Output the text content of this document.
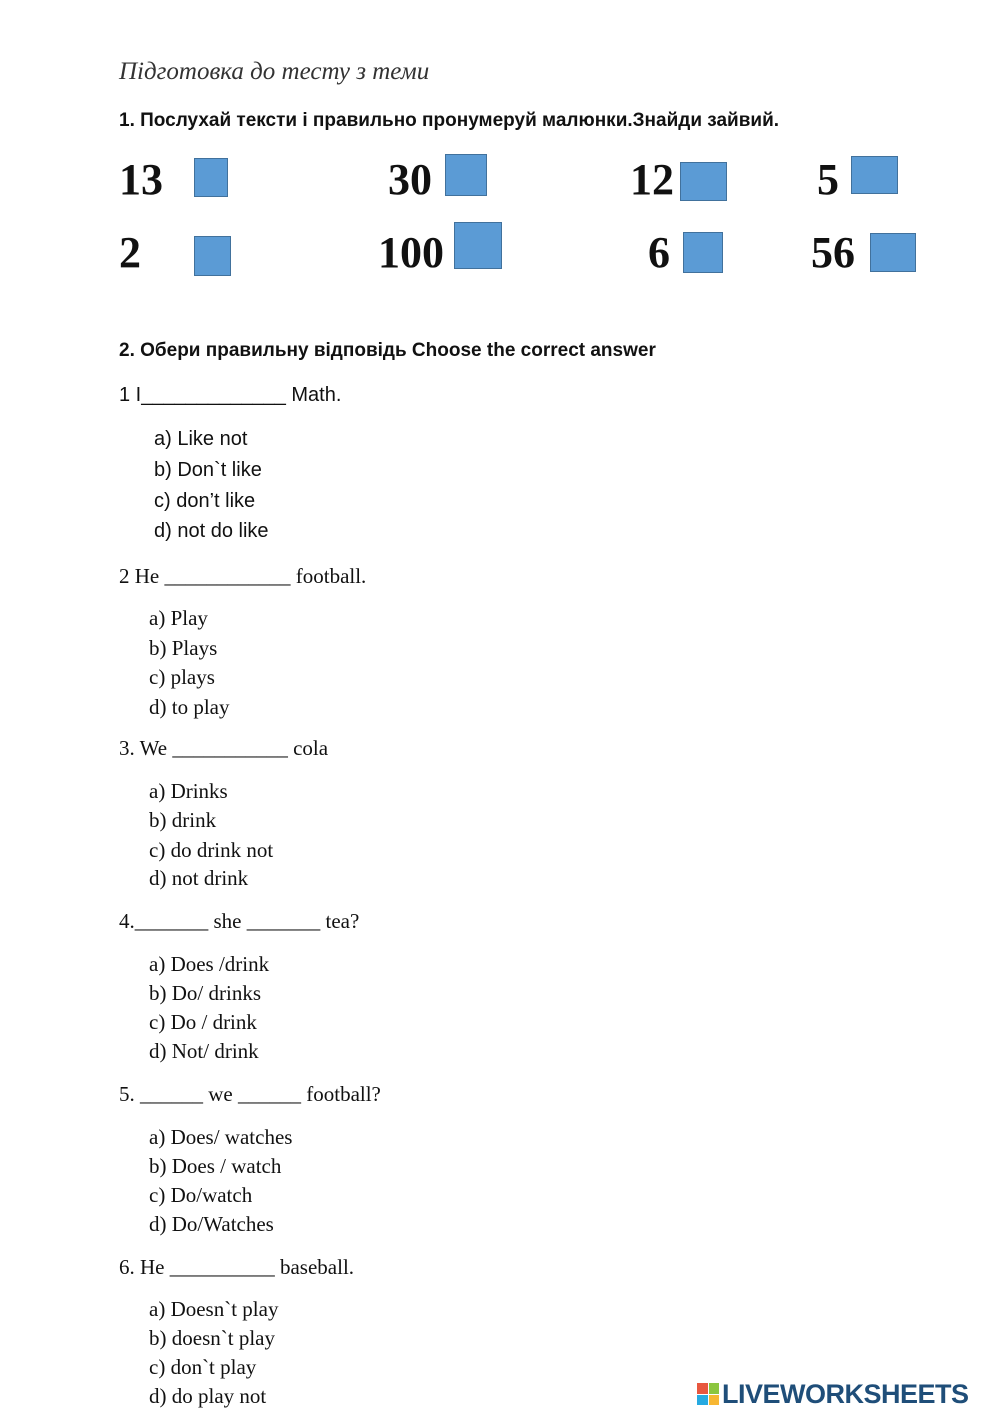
Підготовка до тесту з теми
1. Послухай тексти і правильно пронумеруй малюнки.Знайди зайвий.
13	30	12	5
2	100	6	56
2. Обери правильну відповідь Choose the correct answer
1 I_____________ Math.
a) Like not
b) Don`t like
c) don’t like
d) not do like
2 He ____________ football.
a) Play
b) Plays
c) plays
d) to play
3. We ___________ cola
a) Drinks
b) drink
c) do drink not
d) not drink
4._______ she _______ tea?
a) Does /drink
b) Do/ drinks
c) Do / drink
d) Not/ drink
5. ______ we ______ football?
a) Does/ watches
b) Does / watch
c) Do/watch
d) Do/Watches
6. He __________ baseball.
a) Doesn`t play
b) doesn`t play
c) don`t play
d) do play not	LIVEWORKSHEETS
